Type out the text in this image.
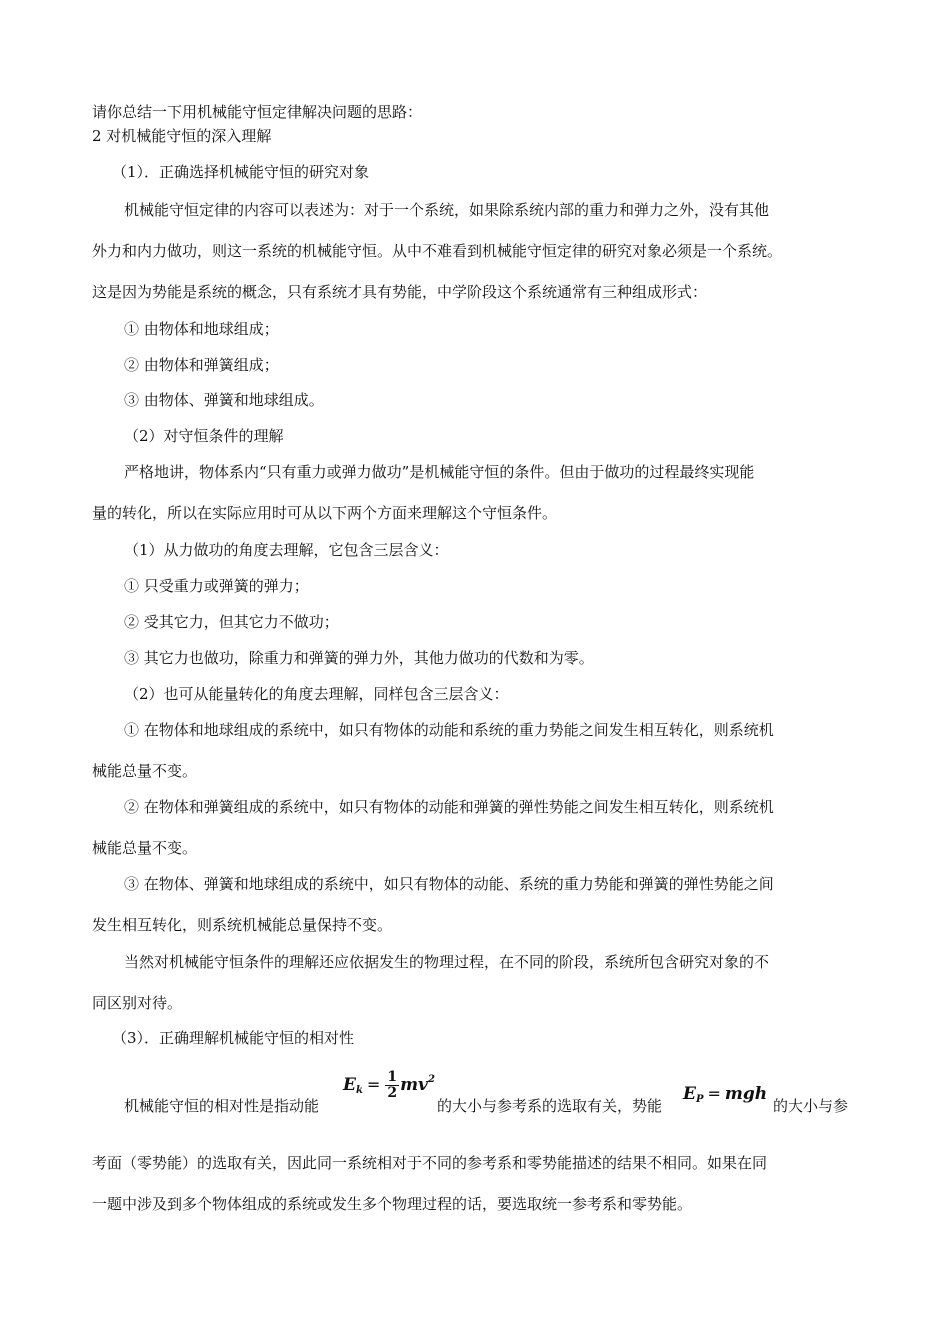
请你总结一下用机械能守恒定律解决问题的思路：
2 对机械能守恒的深入理解
（1）．正确选择机械能守恒的研究对象
机械能守恒定律的内容可以表述为：对于一个系统，如果除系统内部的重力和弹力之外，没有其他
外力和内力做功，则这一系统的机械能守恒。从中不难看到机械能守恒定律的研究对象必须是一个系统。
这是因为势能是系统的概念，只有系统才具有势能，中学阶段这个系统通常有三种组成形式：
① 由物体和地球组成；
② 由物体和弹簧组成；
③ 由物体、弹簧和地球组成。
（2）对守恒条件的理解
严格地讲，物体系内“只有重力或弹力做功”是机械能守恒的条件。但由于做功的过程最终实现能
量的转化，所以在实际应用时可从以下两个方面来理解这个守恒条件。
（1）从力做功的角度去理解，它包含三层含义：
① 只受重力或弹簧的弹力；
② 受其它力，但其它力不做功；
③ 其它力也做功，除重力和弹簧的弹力外，其他力做功的代数和为零。
（2）也可从能量转化的角度去理解，同样包含三层含义：
① 在物体和地球组成的系统中，如只有物体的动能和系统的重力势能之间发生相互转化，则系统机
械能总量不变。
② 在物体和弹簧组成的系统中，如只有物体的动能和弹簧的弹性势能之间发生相互转化，则系统机
械能总量不变。
③ 在物体、弹簧和地球组成的系统中，如只有物体的动能、系统的重力势能和弹簧的弹性势能之间
发生相互转化，则系统机械能总量保持不变。
当然对机械能守恒条件的理解还应依据发生的物理过程，在不同的阶段，系统所包含研究对象的不
同区别对待。
（3）．正确理解机械能守恒的相对性
机械能守恒的相对性是指动能
$Ek = \frac{1}{2} mv^2$
的大小与参考系的选取有关，势能
EP = mgh
的大小与参
考面（零势能）的选取有关，因此同一系统相对于不同的参考系和零势能描述的结果不相同。如果在同
一题中涉及到多个物体组成的系统或发生多个物理过程的话，要选取统一参考系和零势能。
